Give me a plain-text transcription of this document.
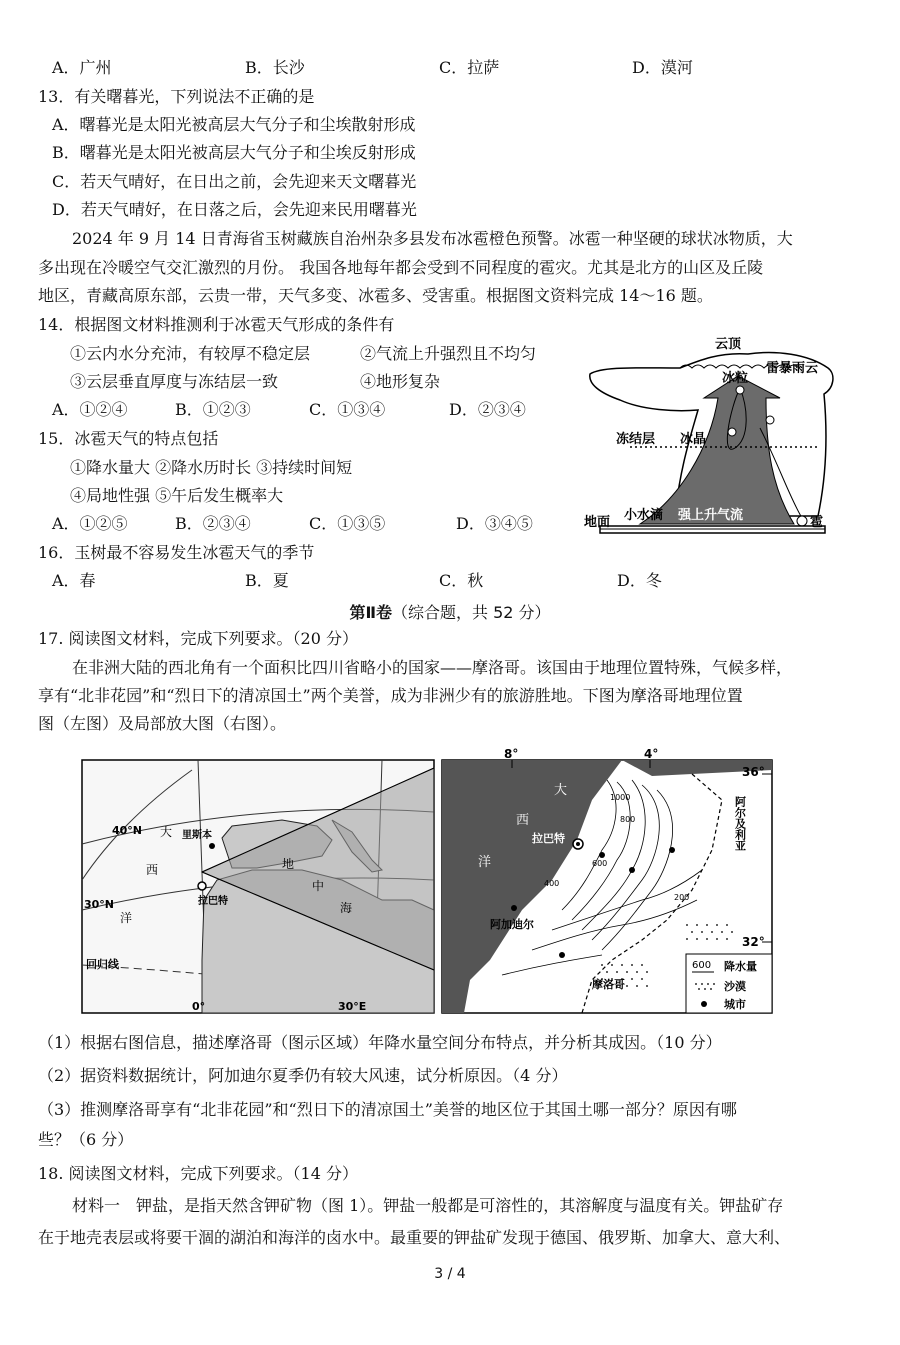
A．广州	B．长沙	C．拉萨	D．漠河
13．有关曙暮光，下列说法不正确的是
A．曙暮光是太阳光被高层大气分子和尘埃散射形成
B．曙暮光是太阳光被高层大气分子和尘埃反射形成
C．若天气晴好，在日出之前，会先迎来天文曙暮光
D．若天气晴好，在日落之后，会先迎来民用曙暮光
2024 年 9 月 14 日青海省玉树藏族自治州杂多县发布冰雹橙色预警。冰雹一种坚硬的球状冰物质，大
多出现在冷暖空气交汇激烈的月份。 我国各地每年都会受到不同程度的雹灾。尤其是北方的山区及丘陵
地区，青藏高原东部，云贵一带，天气多变、冰雹多、受害重。根据图文资料完成 14～16 题。
14．根据图文材料推测利于冰雹天气形成的条件有
①云内水分充沛，有较厚不稳定层	②气流上升强烈且不均匀
③云层垂直厚度与冻结层一致	④地形复杂
A．①②④	B．①②③	C．①③④	D．②③④
15．冰雹天气的特点包括
①降水量大 ②降水历时长 ③持续时间短
④局地性强 ⑤午后发生概率大
A．①②⑤	B．②③④	C．①③⑤	D．③④⑤
16．玉树最不容易发生冰雹天气的季节
A．春	B．夏	C．秋	D．冬
云顶
雷暴雨云
冰粒
冻结层 冰晶
地面 小水滴 强上升气流	雹
第Ⅱ卷（综合题，共 52 分）
17. 阅读图文材料，完成下列要求。（20 分）
在非洲大陆的西北角有一个面积比四川省略小的国家——摩洛哥。该国由于地理位置特殊，气候多样，
享有“北非花园”和“烈日下的清凉国土”两个美誉，成为非洲少有的旅游胜地。下图为摩洛哥地理位置
图（左图）及局部放大图（右图）。
40°N
30°N
回归线
0°	30°E
里斯本
拉巴特
大
西
洋
地
中
海
8°	4°
36°
32°
大
西
洋
拉巴特
阿加迪尔
阿尔及利亚
摩洛哥
1000
800
600
400
200
600 降水量
沙漠
城市
（1）根据右图信息，描述摩洛哥（图示区域）年降水量空间分布特点，并分析其成因。（10 分）
（2）据资料数据统计，阿加迪尔夏季仍有较大风速，试分析原因。（4 分）
（3）推测摩洛哥享有“北非花园”和“烈日下的清凉国土”美誉的地区位于其国土哪一部分？原因有哪
些？（6 分）
18. 阅读图文材料，完成下列要求。（14 分）
材料一　钾盐，是指天然含钾矿物（图 1）。钾盐一般都是可溶性的，其溶解度与温度有关。钾盐矿存
在于地壳表层或将要干涸的湖泊和海洋的卤水中。最重要的钾盐矿发现于德国、俄罗斯、加拿大、意大利、
3 / 4
